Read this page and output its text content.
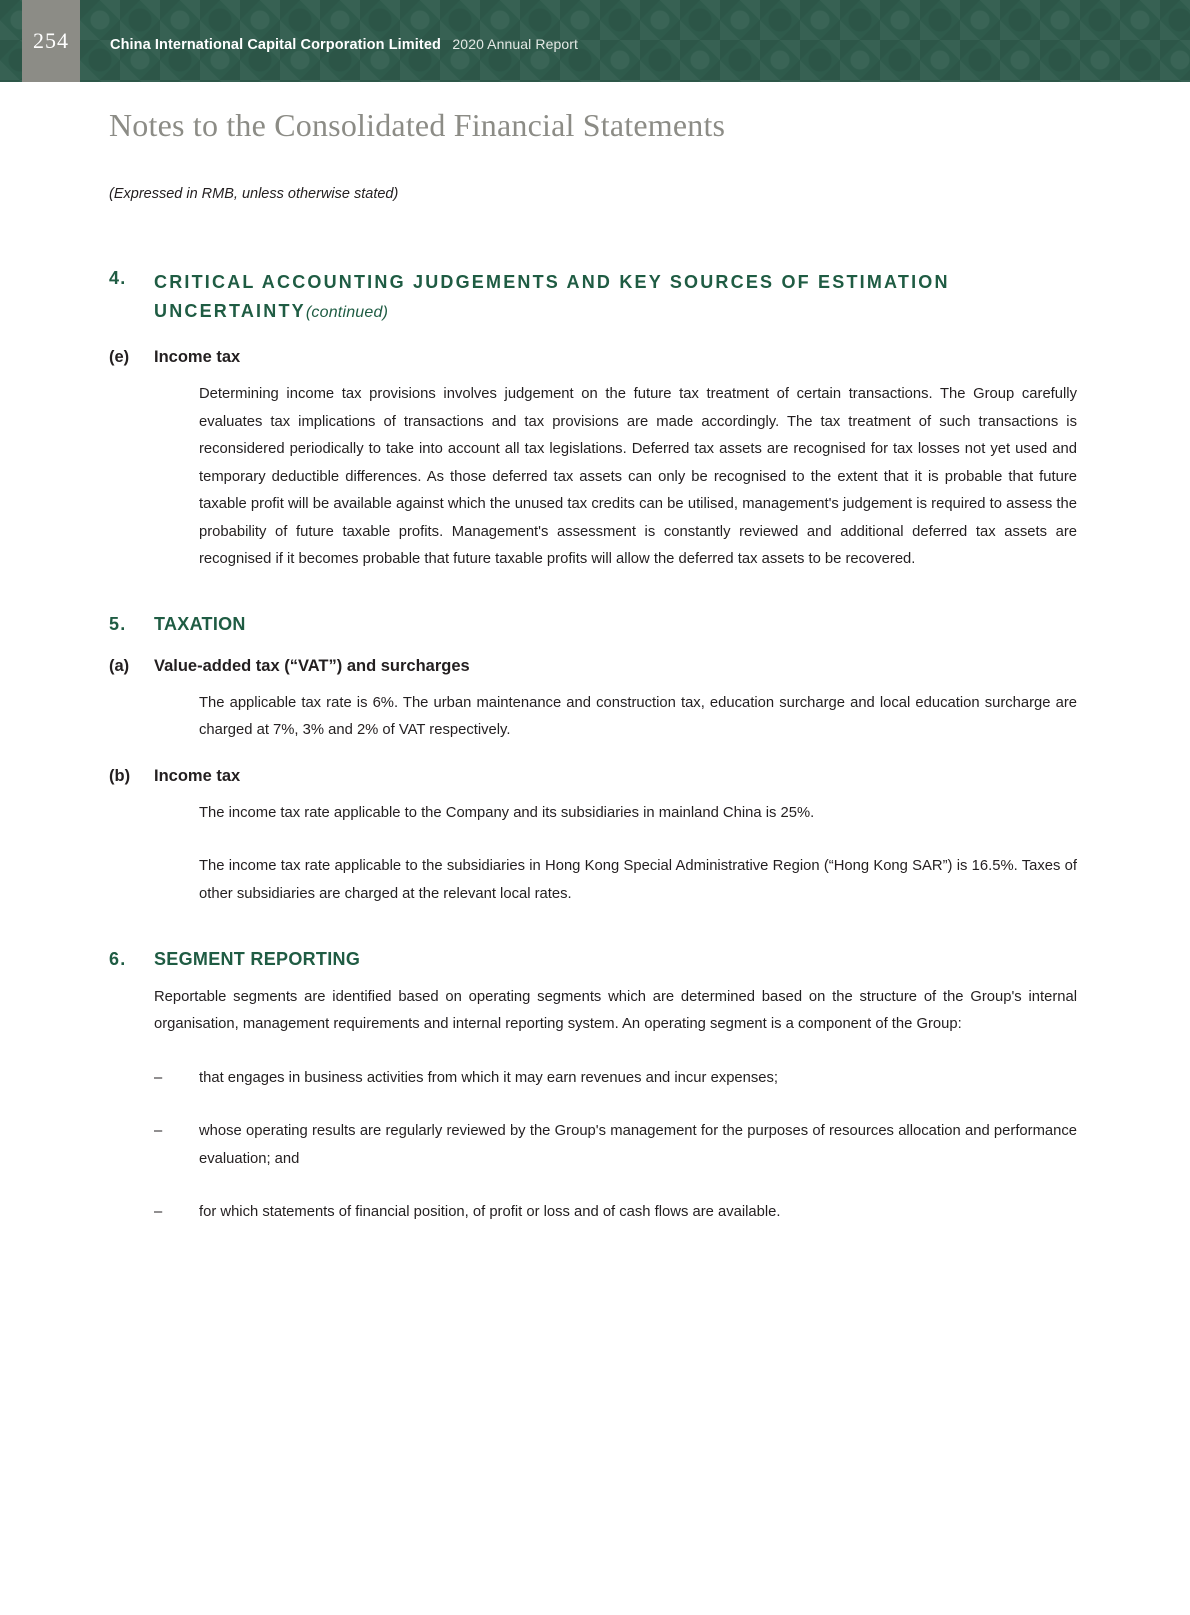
254	China International Capital Corporation Limited 2020 Annual Report
Notes to the Consolidated Financial Statements
(Expressed in RMB, unless otherwise stated)
4.	CRITICAL ACCOUNTING JUDGEMENTS AND KEY SOURCES OF ESTIMATION UNCERTAINTY(continued)
(e)	Income tax
Determining income tax provisions involves judgement on the future tax treatment of certain transactions. The Group carefully evaluates tax implications of transactions and tax provisions are made accordingly. The tax treatment of such transactions is reconsidered periodically to take into account all tax legislations. Deferred tax assets are recognised for tax losses not yet used and temporary deductible differences. As those deferred tax assets can only be recognised to the extent that it is probable that future taxable profit will be available against which the unused tax credits can be utilised, management's judgement is required to assess the probability of future taxable profits. Management's assessment is constantly reviewed and additional deferred tax assets are recognised if it becomes probable that future taxable profits will allow the deferred tax assets to be recovered.
5.	TAXATION
(a)	Value-added tax (“VAT”) and surcharges
The applicable tax rate is 6%. The urban maintenance and construction tax, education surcharge and local education surcharge are charged at 7%, 3% and 2% of VAT respectively.
(b)	Income tax
The income tax rate applicable to the Company and its subsidiaries in mainland China is 25%.
The income tax rate applicable to the subsidiaries in Hong Kong Special Administrative Region (“Hong Kong SAR”) is 16.5%. Taxes of other subsidiaries are charged at the relevant local rates.
6.	SEGMENT REPORTING
Reportable segments are identified based on operating segments which are determined based on the structure of the Group's internal organisation, management requirements and internal reporting system. An operating segment is a component of the Group:
–	that engages in business activities from which it may earn revenues and incur expenses;
–	whose operating results are regularly reviewed by the Group's management for the purposes of resources allocation and performance evaluation; and
–	for which statements of financial position, of profit or loss and of cash flows are available.
